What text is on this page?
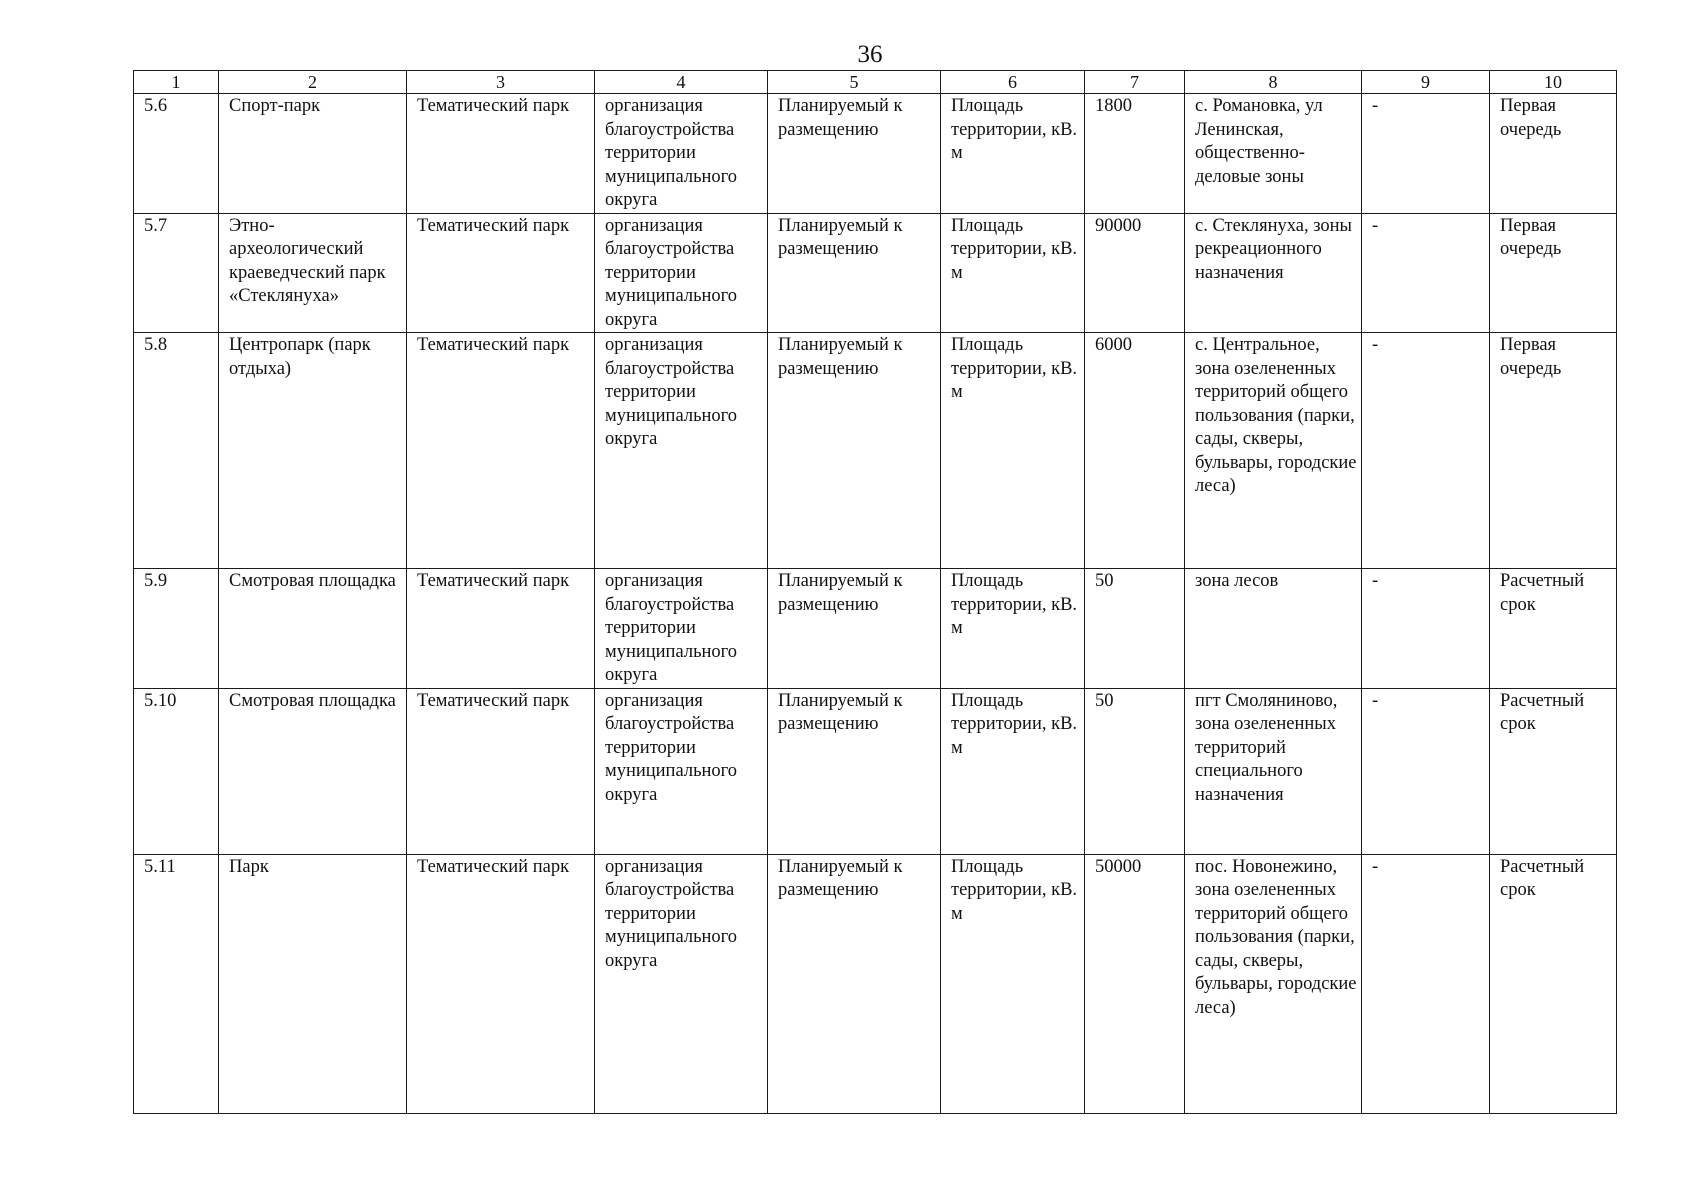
36
1	2	3	4	5	6	7	8	9	10
5.6	Спорт-парк	Тематический парк	организация благоустройства территории муниципального округа	Планируемый к размещению	Площадь территории, кВ. м	1800	с. Романовка, ул Ленинская, общественно-деловые зоны	-	Первая очередь
5.7	Этно-археологический краеведческий парк «Стеклянуха»	Тематический парк	организация благоустройства территории муниципального округа	Планируемый к размещению	Площадь территории, кВ. м	90000	с. Стеклянуха, зоны рекреационного назначения	-	Первая очередь
5.8	Центропарк (парк отдыха)	Тематический парк	организация благоустройства территории муниципального округа	Планируемый к размещению	Площадь территории, кВ. м	6000	с. Центральное, зона озелененных территорий общего пользования (парки, сады, скверы, бульвары, городские леса)	-	Первая очередь
5.9	Смотровая площадка	Тематический парк	организация благоустройства территории муниципального округа	Планируемый к размещению	Площадь территории, кВ. м	50	зона лесов	-	Расчетный срок
5.10	Смотровая площадка	Тематический парк	организация благоустройства территории муниципального округа	Планируемый к размещению	Площадь территории, кВ. м	50	пгт Смолянинoво, зона озелененных территорий специального назначения	-	Расчетный срок
5.11	Парк	Тематический парк	организация благоустройства территории муниципального округа	Планируемый к размещению	Площадь территории, кВ. м	50000	пос. Новонежино, зона озелененных территорий общего пользования (парки, сады, скверы, бульвары, городские леса)	-	Расчетный срок
